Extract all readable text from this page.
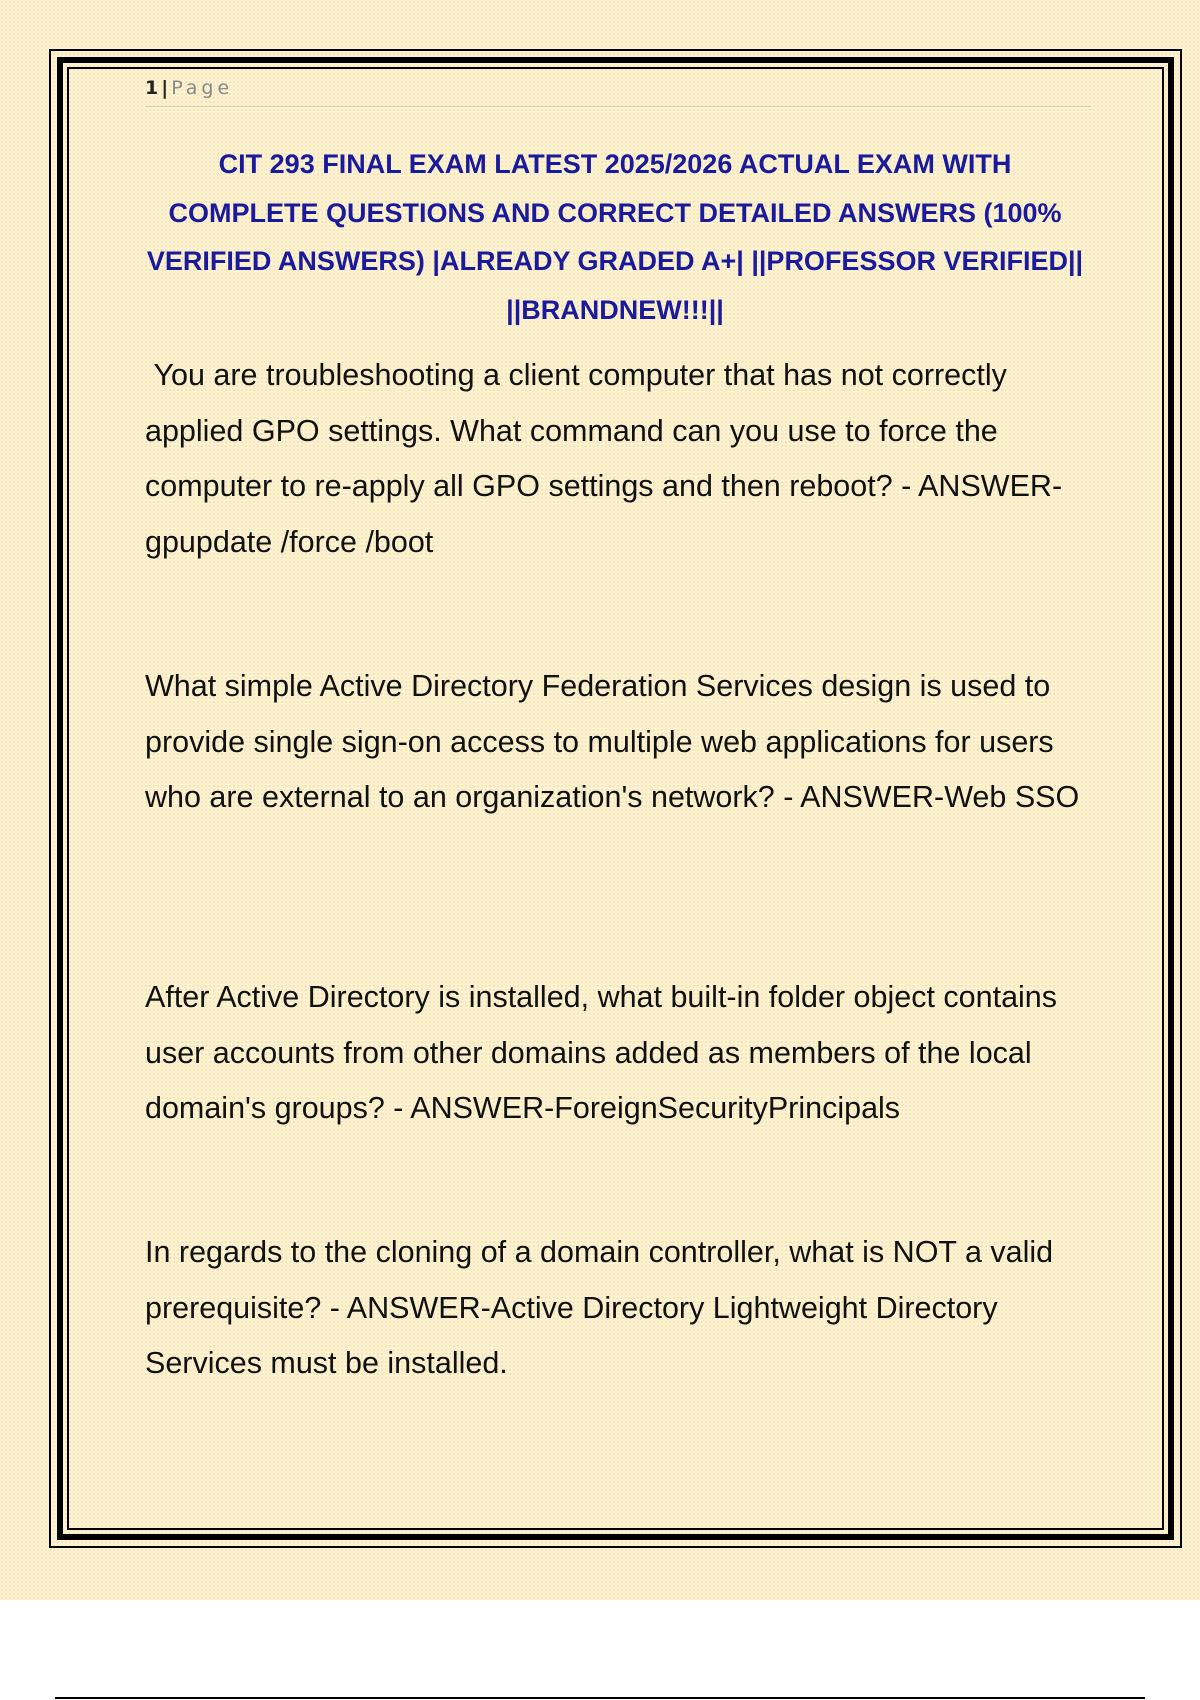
1 | Page
CIT 293 FINAL EXAM LATEST 2025/2026 ACTUAL EXAM WITH COMPLETE QUESTIONS AND CORRECT DETAILED ANSWERS (100% VERIFIED ANSWERS) |ALREADY GRADED A+| ||PROFESSOR VERIFIED|| ||BRANDNEW!!!||

You are troubleshooting a client computer that has not correctly applied GPO settings. What command can you use to force the computer to re-apply all GPO settings and then reboot? - ANSWER-gpupdate /force /boot

What simple Active Directory Federation Services design is used to provide single sign-on access to multiple web applications for users who are external to an organization's network? - ANSWER-Web SSO

After Active Directory is installed, what built-in folder object contains user accounts from other domains added as members of the local domain's groups? - ANSWER-ForeignSecurityPrincipals

In regards to the cloning of a domain controller, what is NOT a valid prerequisite? - ANSWER-Active Directory Lightweight Directory Services must be installed.
